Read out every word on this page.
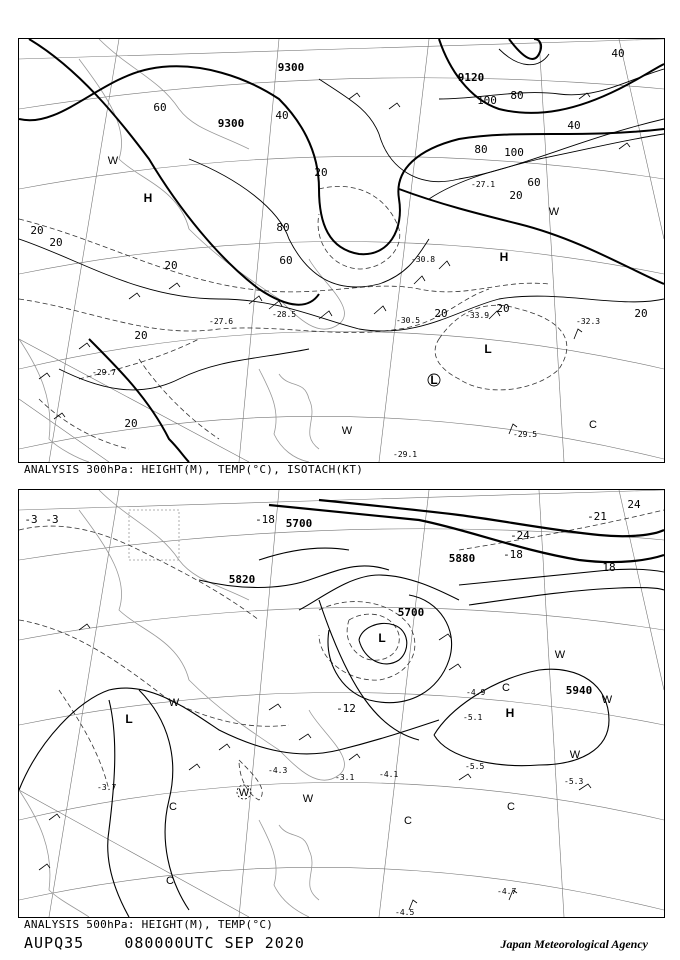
9300
9300
9120
20
20
20
20
20
20
20	20	20
20
40
40
40
60
60
60
80
80
80
100
100
H
H
L
L
W
W
W	C
-29.5
-30.5	-32.3
-33.9
-27.1
-29.1
-30.8
-27.6
-28.5
-29.7
ANALYSIS 300hPa: HEIGHT(M), TEMP(°C), ISOTACH(KT)
5700
5700
5820
5880
5940
-3
-3
-12
-18	-21
-24
24
18
-18
H
L
L
W
W
W
W
W
W
C
C
C
C
C
-5.5
-5.3
-4.7
-4.5
-5.1
-4.9
-3.1	-4.1
-3.7
-4.3
ANALYSIS 500hPa: HEIGHT(M), TEMP(°C)
AUPQ35	080000UTC SEP 2020	Japan Meteorological Agency
